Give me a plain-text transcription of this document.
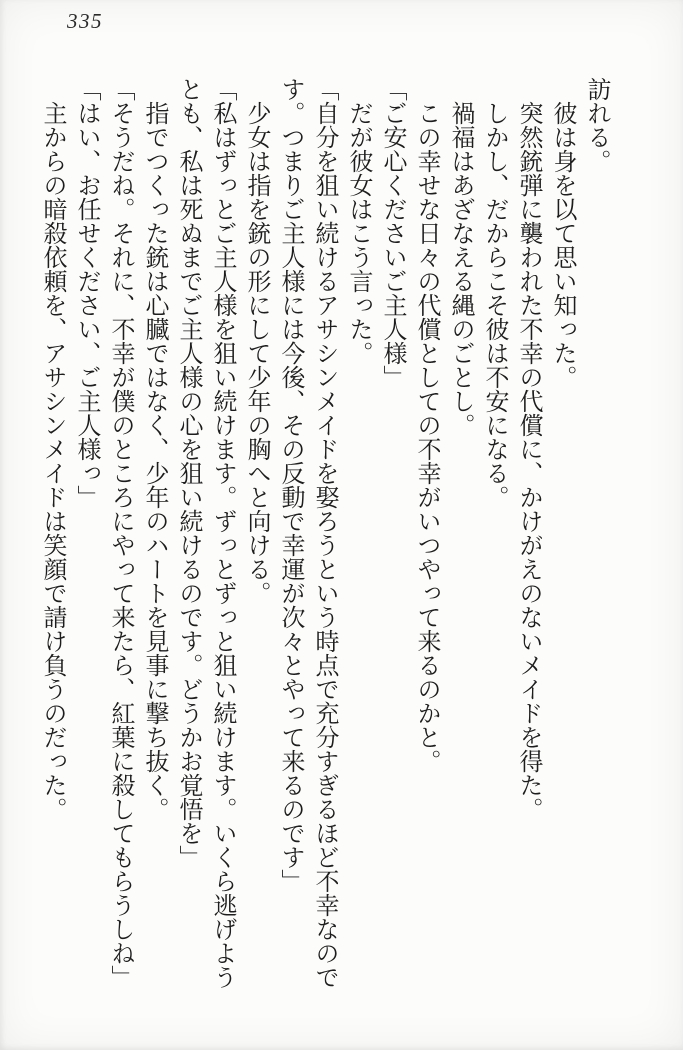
335

訪れる。

彼は身を以て思い知った。

突然銃弾に襲われた不幸の代償に、かけがえのないメイドを得た。

しかし、だからこそ彼は不安になる。

禍福はあざなえる縄のごとし。

この幸せな日々の代償としての不幸がいつやって来るのかと。

「ご安心くださいご主人様」

だが彼女はこう言った。

「自分を狙い続けるアサシンメイドを娶ろうという時点で充分すぎるほど不幸なのです。つまりご主人様には今後、その反動で幸運が次々とやって来るのです」

少女は指を銃の形にして少年の胸へと向ける。

「私はずっとご主人様を狙い続けます。ずっとずっと狙い続けます。いくら逃げようとも、私は死ぬまでご主人様の心を狙い続けるのです。どうかお覚悟を」

指でつくった銃は心臓ではなく、少年のハートを見事に撃ち抜く。

「そうだね。それに、不幸が僕のところにやって来たら、紅葉に殺してもらうしね」

「はい、お任せください、ご主人様っ」

主からの暗殺依頼を、アサシンメイドは笑顔で請け負うのだった。
